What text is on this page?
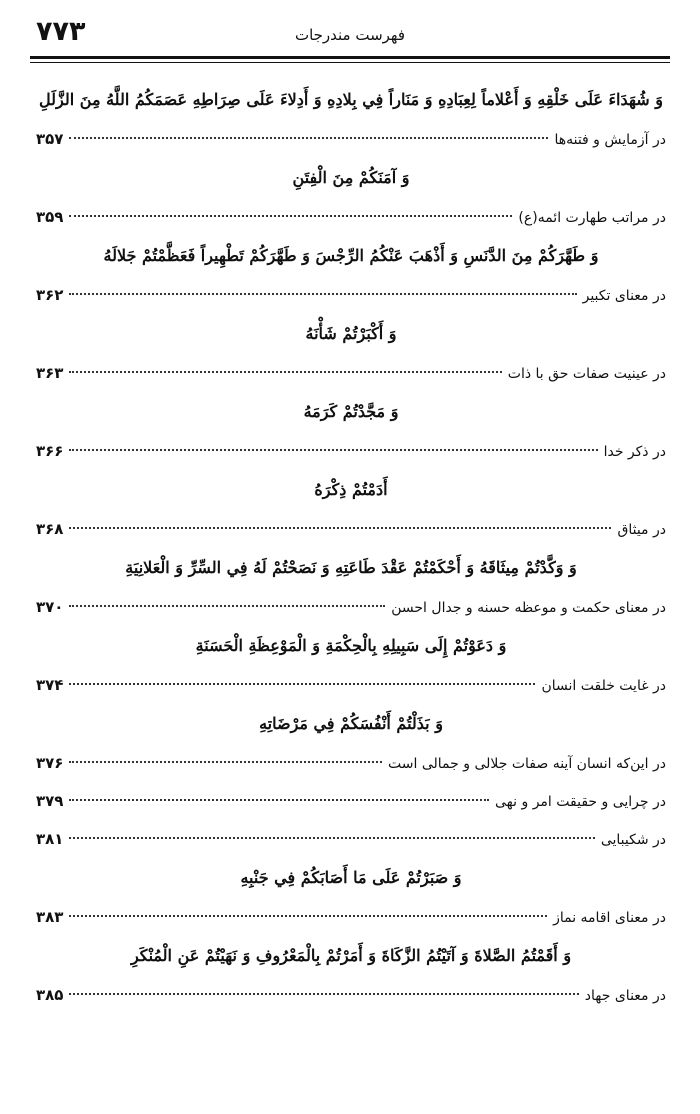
۷۷۳	فهرست مندرجات
وَ شُهَدَاءَ عَلَى خَلْقِهِ وَ أَعْلاماً لِعِبَادِهِ وَ مَنَاراً فِي بِلادِهِ وَ أَدِلاءَ عَلَى صِرَاطِهِ عَصَمَكُمُ اللَّهُ مِنَ الزَّلَلِ
در آزمایش و فتنه‌ها
۳۵۷
وَ آمَنَكُمْ مِنَ الْفِتَنِ
در مراتب طهارت ائمه(ع)
۳۵۹
وَ طَهَّرَكُمْ مِنَ الدَّنَسِ وَ أَذْهَبَ عَنْكُمُ الرِّجْسَ وَ طَهَّرَكُمْ تَطْهِيراً فَعَظَّمْتُمْ جَلالَهُ
در معنای تکبیر
۳۶۲
وَ أَكْبَرْتُمْ شَأْنَهُ
در عینیت صفات حق با ذات
۳۶۳
وَ مَجَّدْتُمْ كَرَمَهُ
در ذکر خدا
۳۶۶
أَدَمْتُمْ ذِكْرَهُ
در میثاق
۳۶۸
وَ وَكَّدْتُمْ مِيثَاقَهُ وَ أَحْكَمْتُمْ عَقْدَ طَاعَتِهِ وَ نَصَحْتُمْ لَهُ فِي السِّرِّ وَ الْعَلانِيَةِ
در معنای حکمت و موعظه حسنه و جدال احسن
۳۷۰
وَ دَعَوْتُمْ إِلَى سَبِيلِهِ بِالْحِكْمَةِ وَ الْمَوْعِظَةِ الْحَسَنَةِ
در غایت خلقت انسان
۳۷۴
وَ بَذَلْتُمْ أَنْفُسَكُمْ فِي مَرْضَاتِهِ
در این‌که انسان آینه صفات جلالی و جمالی است
۳۷۶
در چرایی و حقیقت امر و نهی
۳۷۹
در شکیبایی
۳۸۱
وَ صَبَرْتُمْ عَلَى مَا أَصَابَكُمْ فِي جَنْبِهِ
در معنای اقامه نماز
۳۸۳
وَ أَقَمْتُمُ الصَّلاةَ وَ آتَيْتُمُ الزَّكَاةَ وَ أَمَرْتُمْ بِالْمَعْرُوفِ وَ نَهَيْتُمْ عَنِ الْمُنْكَرِ
در معنای جهاد
۳۸۵
